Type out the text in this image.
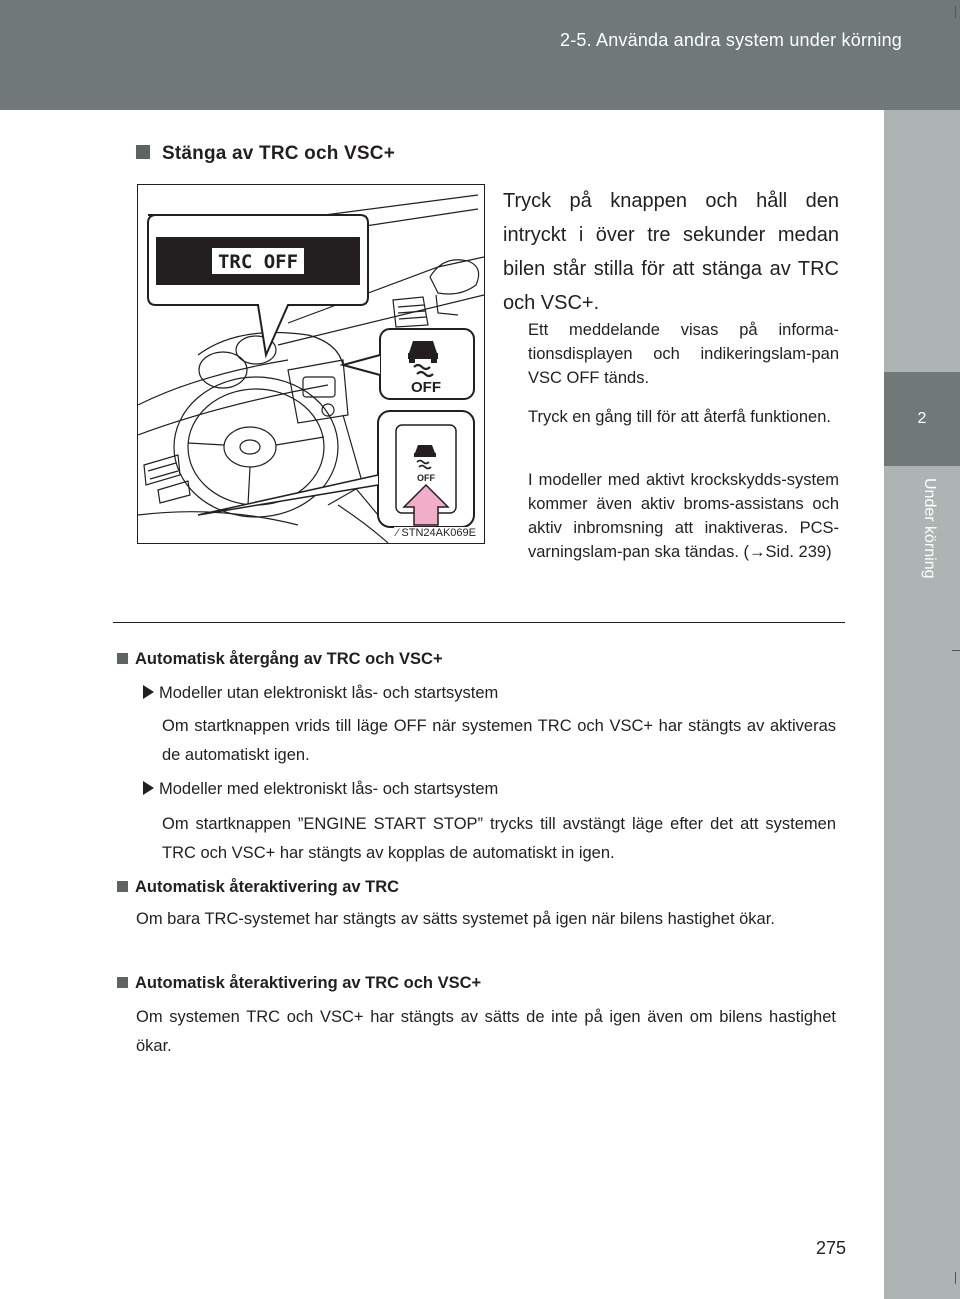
2-5. Använda andra system under körning
2
Under körning
Stänga av TRC och VSC+
TRC OFF
OFF
OFF
⁄ STN24AK069E
Tryck på knappen och håll den intryckt i över tre sekunder medan bilen står stilla för att stänga av TRC och VSC+.
Ett meddelande visas på informa-tionsdisplayen och indikeringslam-pan VSC OFF tänds.
Tryck en gång till för att återfå funktionen.
I modeller med aktivt krockskydds-system kommer även aktiv broms-assistans och aktiv inbromsning att inaktiveras. PCS-varningslam-pan ska tändas. (→Sid. 239)
Automatisk återgång av TRC och VSC+
Modeller utan elektroniskt lås- och startsystem
Om startknappen vrids till läge OFF när systemen TRC och VSC+ har stängts av aktiveras de automatiskt igen.
Modeller med elektroniskt lås- och startsystem
Om startknappen ”ENGINE START STOP” trycks till avstängt läge efter det att systemen TRC och VSC+ har stängts av kopplas de automatiskt in igen.
Automatisk återaktivering av TRC
Om bara TRC-systemet har stängts av sätts systemet på igen när bilens hastighet ökar.
Automatisk återaktivering av TRC och VSC+
Om systemen TRC och VSC+ har stängts av sätts de inte på igen även om bilens hastighet ökar.
275
